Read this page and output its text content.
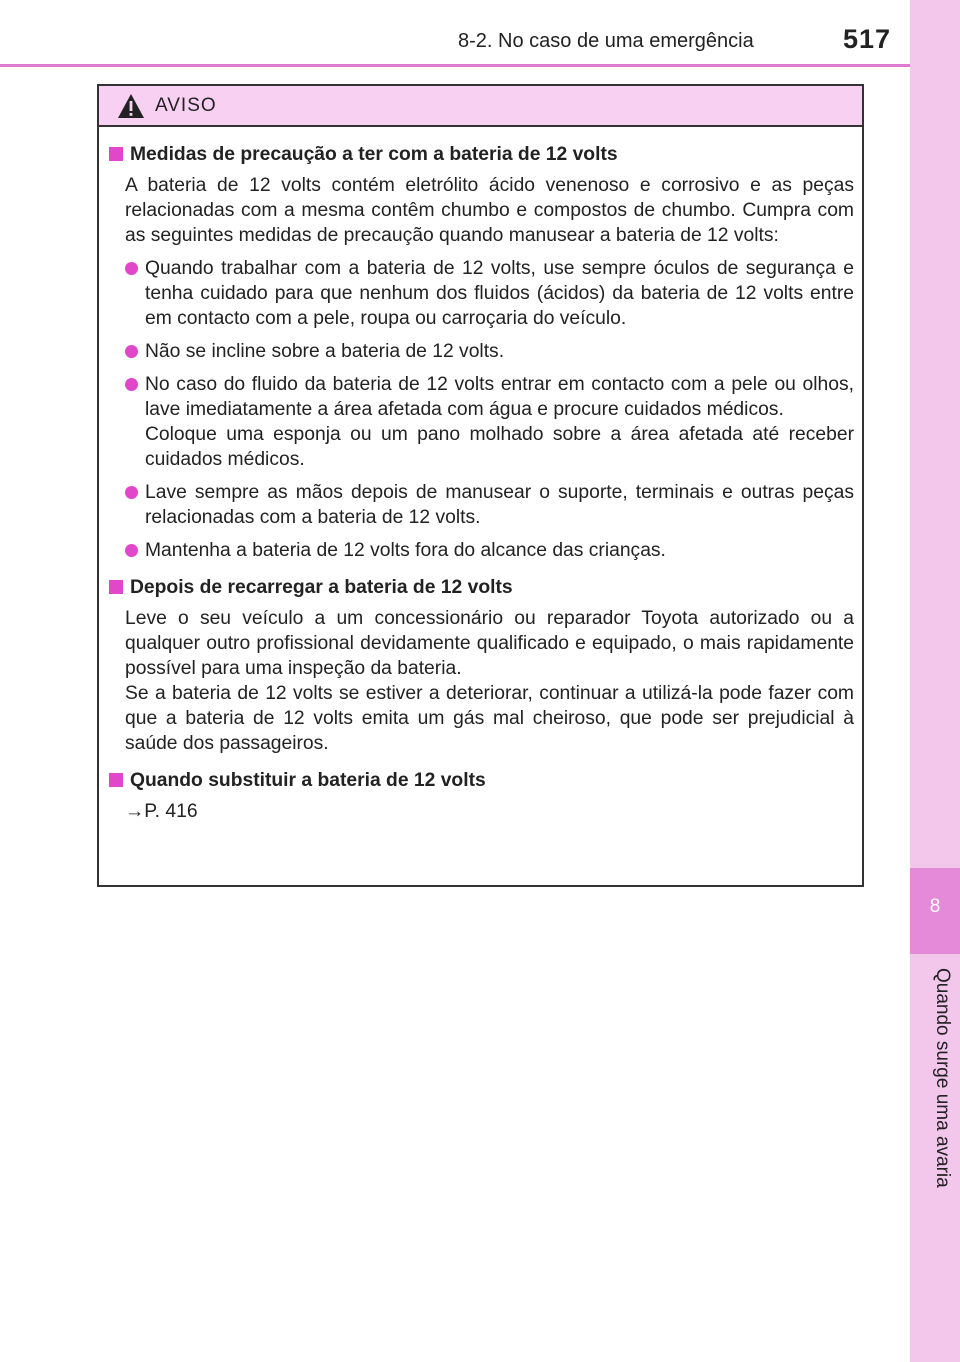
8-2. No caso de uma emergência	517
8
Quando surge uma avaria
AVISO

Medidas de precaução a ter com a bateria de 12 volts

A bateria de 12 volts contém eletrólito ácido venenoso e corrosivo e as peças relacionadas com a mesma contêm chumbo e compostos de chumbo. Cumpra com as seguintes medidas de precaução quando manusear a bateria de 12 volts:

Quando trabalhar com a bateria de 12 volts, use sempre óculos de segurança e tenha cuidado para que nenhum dos fluidos (ácidos) da bateria de 12 volts entre em contacto com a pele, roupa ou carroçaria do veículo.

Não se incline sobre a bateria de 12 volts.

No caso do fluido da bateria de 12 volts entrar em contacto com a pele ou olhos, lave imediatamente a área afetada com água e procure cuidados médicos.
Coloque uma esponja ou um pano molhado sobre a área afetada até receber cuidados médicos.

Lave sempre as mãos depois de manusear o suporte, terminais e outras peças relacionadas com a bateria de 12 volts.

Mantenha a bateria de 12 volts fora do alcance das crianças.

Depois de recarregar a bateria de 12 volts

Leve o seu veículo a um concessionário ou reparador Toyota autorizado ou a qualquer outro profissional devidamente qualificado e equipado, o mais rapidamente possível para uma inspeção da bateria.
Se a bateria de 12 volts se estiver a deteriorar, continuar a utilizá-la pode fazer com que a bateria de 12 volts emita um gás mal cheiroso, que pode ser prejudicial à saúde dos passageiros.

Quando substituir a bateria de 12 volts

→P. 416
